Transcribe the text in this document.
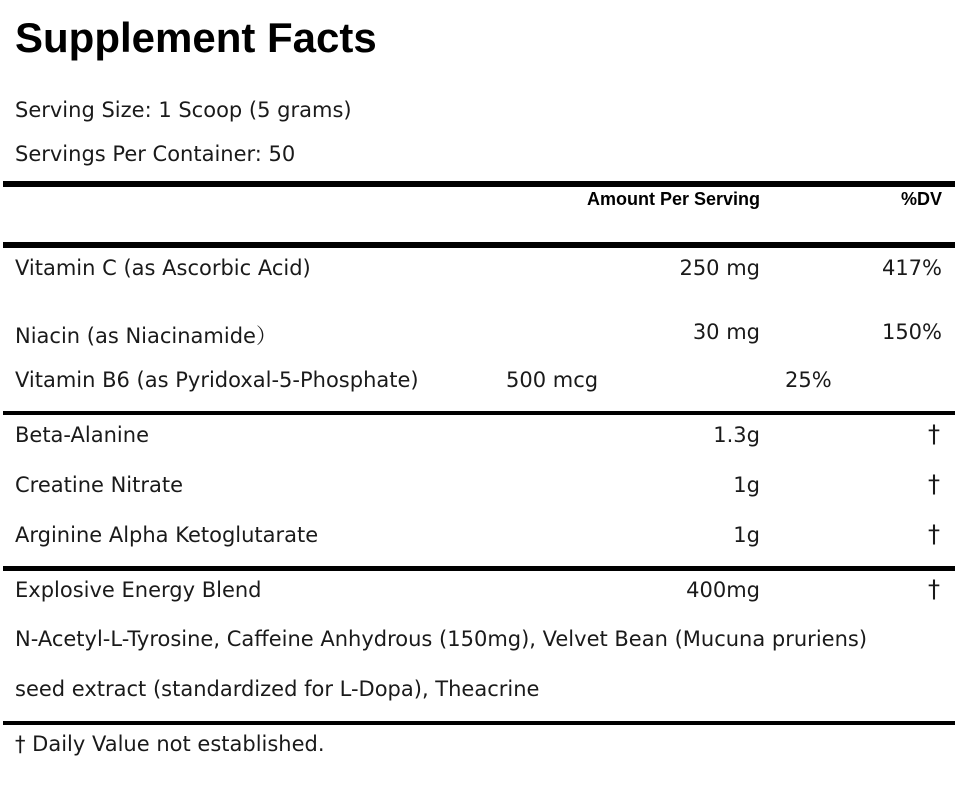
Supplement Facts
Serving Size: 1 Scoop (5 grams)
Servings Per Container: 50
Amount Per Serving	%DV
Vitamin C (as Ascorbic Acid)	250 mg	417%
Niacin (as Niacinamide）	30 mg	150%
Vitamin B6 (as Pyridoxal-5-Phosphate)	500 mcg	25%
Beta-Alanine	1.3g	†
Creatine Nitrate	1g	†
Arginine Alpha Ketoglutarate	1g	†
Explosive Energy Blend	400mg	†
N-Acetyl-L-Tyrosine, Caffeine Anhydrous (150mg), Velvet Bean (Mucuna pruriens)
seed extract (standardized for L-Dopa), Theacrine
† Daily Value not established.
